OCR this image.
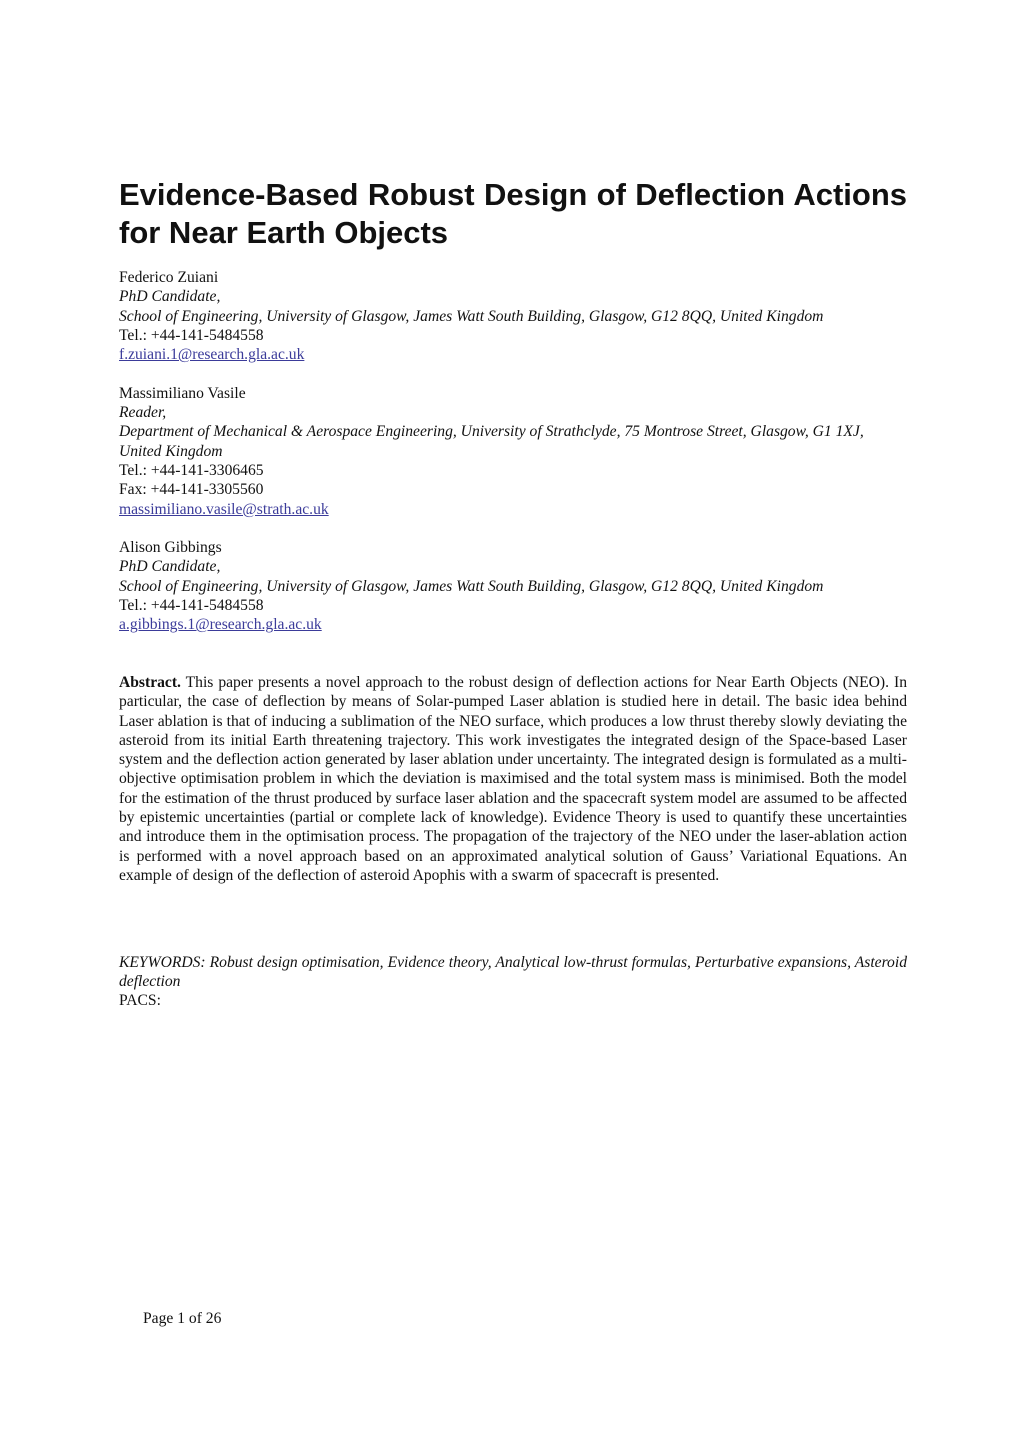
Evidence-Based Robust Design of Deflection Actions for Near Earth Objects
Federico Zuiani
PhD Candidate,
School of Engineering, University of Glasgow, James Watt South Building, Glasgow, G12 8QQ, United Kingdom
Tel.: +44-141-5484558
f.zuiani.1@research.gla.ac.uk
Massimiliano Vasile
Reader,
Department of Mechanical & Aerospace Engineering, University of Strathclyde, 75 Montrose Street, Glasgow, G1 1XJ, United Kingdom
Tel.: +44-141-3306465
Fax: +44-141-3305560
massimiliano.vasile@strath.ac.uk
Alison Gibbings
PhD Candidate,
School of Engineering, University of Glasgow, James Watt South Building, Glasgow, G12 8QQ, United Kingdom
Tel.: +44-141-5484558
a.gibbings.1@research.gla.ac.uk

Abstract. This paper presents a novel approach to the robust design of deflection actions for Near Earth Objects (NEO). In particular, the case of deflection by means of Solar-pumped Laser ablation is studied here in detail. The basic idea behind Laser ablation is that of inducing a sublimation of the NEO surface, which produces a low thrust thereby slowly deviating the asteroid from its initial Earth threatening trajectory. This work investigates the integrated design of the Space-based Laser system and the deflection action generated by laser ablation under uncertainty. The integrated design is formulated as a multi-objective optimisation problem in which the deviation is maximised and the total system mass is minimised. Both the model for the estimation of the thrust produced by surface laser ablation and the spacecraft system model are assumed to be affected by epistemic uncertainties (partial or complete lack of knowledge). Evidence Theory is used to quantify these uncertainties and introduce them in the optimisation process. The propagation of the trajectory of the NEO under the laser-ablation action is performed with a novel approach based on an approximated analytical solution of Gauss’ Variational Equations. An example of design of the deflection of asteroid Apophis with a swarm of spacecraft is presented.

KEYWORDS: Robust design optimisation, Evidence theory, Analytical low-thrust formulas, Perturbative expansions, Asteroid deflection
PACS:
Page 1 of 26
